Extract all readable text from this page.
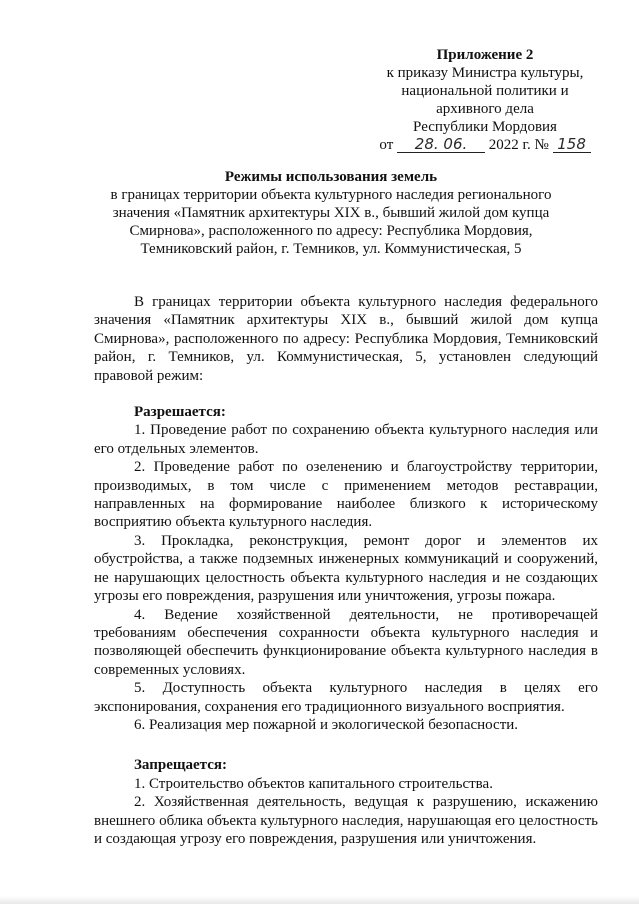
Приложение 2
к приказу Министра культуры,
национальной политики и
архивного дела
Республики Мордовия
от 28. 06. 2022 г. № 158
Режимы использования земель
в границах территории объекта культурного наследия регионального
значения «Памятник архитектуры XIX в., бывший жилой дом купца
Смирнова», расположенного по адресу: Республика Мордовия,
Темниковский район, г. Темников, ул. Коммунистическая, 5

В границах территории объекта культурного наследия федерального значения «Памятник архитектуры XIX в., бывший жилой дом купца Смирнова», расположенного по адресу: Республика Мордовия, Темниковский район, г. Темников, ул. Коммунистическая, 5, установлен следующий правовой режим:

Разрешается:

1. Проведение работ по сохранению объекта культурного наследия или его отдельных элементов.

2. Проведение работ по озеленению и благоустройству территории, производимых, в том числе с применением методов реставрации, направленных на формирование наиболее близкого к историческому восприятию объекта культурного наследия.

3. Прокладка, реконструкция, ремонт дорог и элементов их обустройства, а также подземных инженерных коммуникаций и сооружений, не нарушающих целостность объекта культурного наследия и не создающих угрозы его повреждения, разрушения или уничтожения, угрозы пожара.

4. Ведение хозяйственной деятельности, не противоречащей требованиям обеспечения сохранности объекта культурного наследия и позволяющей обеспечить функционирование объекта культурного наследия в современных условиях.

5. Доступность объекта культурного наследия в целях его экспонирования, сохранения его традиционного визуального восприятия.

6. Реализация мер пожарной и экологической безопасности.

Запрещается:

1. Строительство объектов капитального строительства.

2. Хозяйственная деятельность, ведущая к разрушению, искажению внешнего облика объекта культурного наследия, нарушающая его целостность и создающая угрозу его повреждения, разрушения или уничтожения.
